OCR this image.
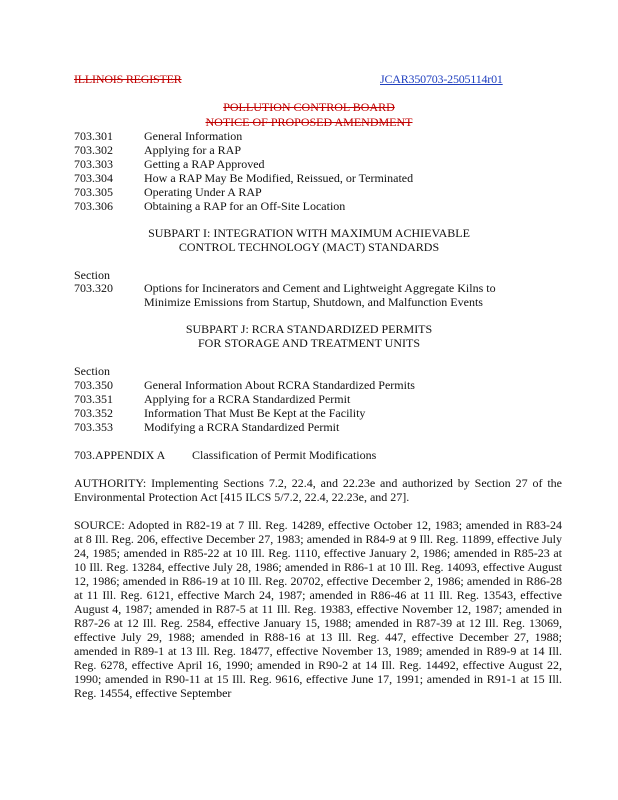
ILLINOIS REGISTER	JCAR350703-2505114r01
POLLUTION CONTROL BOARD
NOTICE OF PROPOSED AMENDMENT
703.301	General Information
703.302	Applying for a RAP
703.303	Getting a RAP Approved
703.304	How a RAP May Be Modified, Reissued, or Terminated
703.305	Operating Under A RAP
703.306	Obtaining a RAP for an Off-Site Location
SUBPART I: INTEGRATION WITH MAXIMUM ACHIEVABLE
CONTROL TECHNOLOGY (MACT) STANDARDS
Section
703.320	Options for Incinerators and Cement and Lightweight Aggregate Kilns to Minimize Emissions from Startup, Shutdown, and Malfunction Events
SUBPART J: RCRA STANDARDIZED PERMITS
FOR STORAGE AND TREATMENT UNITS
Section
703.350	General Information About RCRA Standardized Permits
703.351	Applying for a RCRA Standardized Permit
703.352	Information That Must Be Kept at the Facility
703.353	Modifying a RCRA Standardized Permit
703.APPENDIX A Classification of Permit Modifications
AUTHORITY: Implementing Sections 7.2, 22.4, and 22.23e and authorized by Section 27 of the Environmental Protection Act [415 ILCS 5/7.2, 22.4, 22.23e, and 27].
SOURCE: Adopted in R82-19 at 7 Ill. Reg. 14289, effective October 12, 1983; amended in R83-24 at 8 Ill. Reg. 206, effective December 27, 1983; amended in R84-9 at 9 Ill. Reg. 11899, effective July 24, 1985; amended in R85-22 at 10 Ill. Reg. 1110, effective January 2, 1986; amended in R85-23 at 10 Ill. Reg. 13284, effective July 28, 1986; amended in R86-1 at 10 Ill. Reg. 14093, effective August 12, 1986; amended in R86-19 at 10 Ill. Reg. 20702, effective December 2, 1986; amended in R86-28 at 11 Ill. Reg. 6121, effective March 24, 1987; amended in R86-46 at 11 Ill. Reg. 13543, effective August 4, 1987; amended in R87-5 at 11 Ill. Reg. 19383, effective November 12, 1987; amended in R87-26 at 12 Ill. Reg. 2584, effective January 15, 1988; amended in R87-39 at 12 Ill. Reg. 13069, effective July 29, 1988; amended in R88-16 at 13 Ill. Reg. 447, effective December 27, 1988; amended in R89-1 at 13 Ill. Reg. 18477, effective November 13, 1989; amended in R89-9 at 14 Ill. Reg. 6278, effective April 16, 1990; amended in R90-2 at 14 Ill. Reg. 14492, effective August 22, 1990; amended in R90-11 at 15 Ill. Reg. 9616, effective June 17, 1991; amended in R91-1 at 15 Ill. Reg. 14554, effective September
